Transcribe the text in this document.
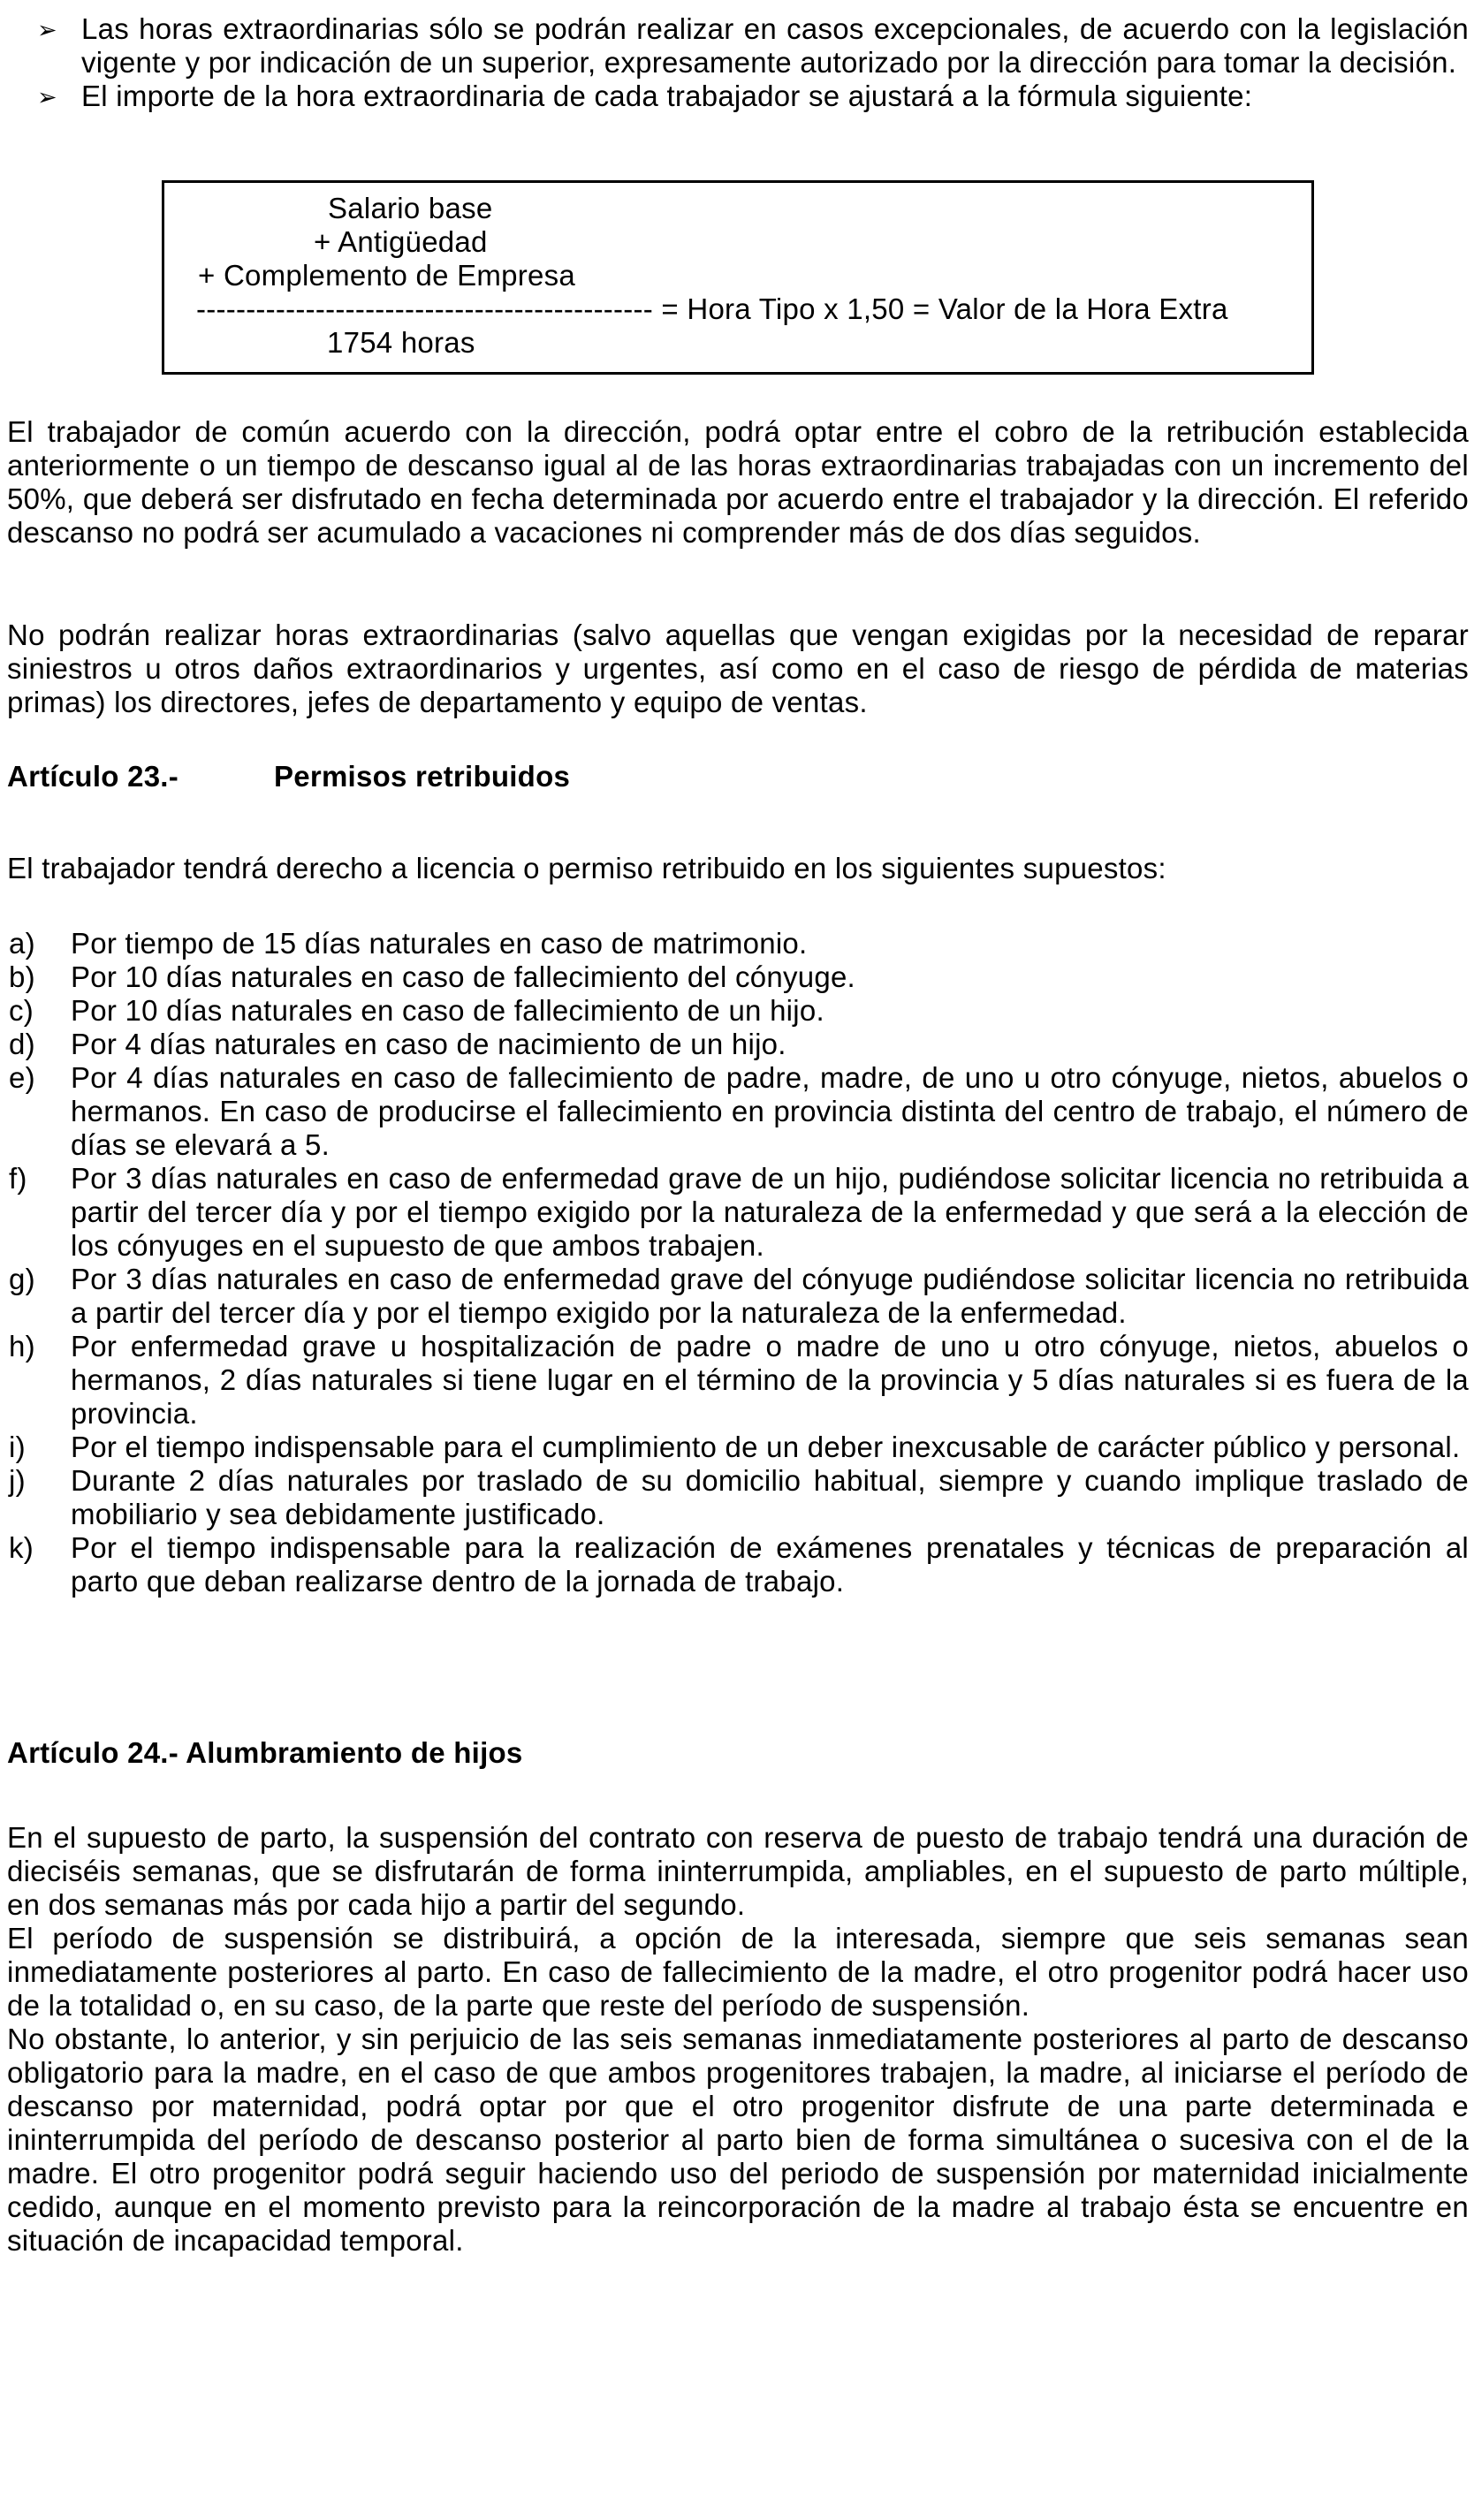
➢ Las horas extraordinarias sólo se podrán realizar en casos excepcionales, de acuerdo con la legislación vigente y por indicación de un superior, expresamente autorizado por la dirección para tomar la decisión.
➢ El importe de la hora extraordinaria de cada trabajador se ajustará a la fórmula siguiente:
Salario base
+ Antigüedad
+ Complemento de Empresa
---------------------------------------------- = Hora Tipo x 1,50 = Valor de la Hora Extra
1754 horas

El trabajador de común acuerdo con la dirección, podrá optar entre el cobro de la retribución establecida anteriormente o un tiempo de descanso igual al de las horas extraordinarias trabajadas con un incremento del 50%, que deberá ser disfrutado en fecha determinada por acuerdo entre el trabajador y la dirección. El referido descanso no podrá ser acumulado a vacaciones ni comprender más de dos días seguidos.

No podrán realizar horas extraordinarias (salvo aquellas que vengan exigidas por la necesidad de reparar siniestros u otros daños extraordinarios y urgentes, así como en el caso de riesgo de pérdida de materias primas) los directores, jefes de departamento y equipo de ventas.

Artículo 23.-	Permisos retribuidos

El trabajador tendrá derecho a licencia o permiso retribuido en los siguientes supuestos:

a) Por tiempo de 15 días naturales en caso de matrimonio.
b) Por 10 días naturales en caso de fallecimiento del cónyuge.
c) Por 10 días naturales en caso de fallecimiento de un hijo.
d) Por 4 días naturales en caso de nacimiento de un hijo.
e) Por 4 días naturales en caso de fallecimiento de padre, madre, de uno u otro cónyuge, nietos, abuelos o hermanos. En caso de producirse el fallecimiento en provincia distinta del centro de trabajo, el número de días se elevará a 5.
f) Por 3 días naturales en caso de enfermedad grave de un hijo, pudiéndose solicitar licencia no retribuida a partir del tercer día y por el tiempo exigido por la naturaleza de la enfermedad y que será a la elección de los cónyuges en el supuesto de que ambos trabajen.
g) Por 3 días naturales en caso de enfermedad grave del cónyuge pudiéndose solicitar licencia no retribuida a partir del tercer día y por el tiempo exigido por la naturaleza de la enfermedad.
h) Por enfermedad grave u hospitalización de padre o madre de uno u otro cónyuge, nietos, abuelos o hermanos, 2 días naturales si tiene lugar en el término de la provincia y 5 días naturales si es fuera de la provincia.
i) Por el tiempo indispensable para el cumplimiento de un deber inexcusable de carácter público y personal.
j) Durante 2 días naturales por traslado de su domicilio habitual, siempre y cuando implique traslado de mobiliario y sea debidamente justificado.
k) Por el tiempo indispensable para la realización de exámenes prenatales y técnicas de preparación al parto que deban realizarse dentro de la jornada de trabajo.
Artículo 24.- Alumbramiento de hijos

En el supuesto de parto, la suspensión del contrato con reserva de puesto de trabajo tendrá una duración de dieciséis semanas, que se disfrutarán de forma ininterrumpida, ampliables, en el supuesto de parto múltiple, en dos semanas más por cada hijo a partir del segundo.

El período de suspensión se distribuirá, a opción de la interesada, siempre que seis semanas sean inmediatamente posteriores al parto. En caso de fallecimiento de la madre, el otro progenitor podrá hacer uso de la totalidad o, en su caso, de la parte que reste del período de suspensión.

No obstante, lo anterior, y sin perjuicio de las seis semanas inmediatamente posteriores al parto de descanso obligatorio para la madre, en el caso de que ambos progenitores trabajen, la madre, al iniciarse el período de descanso por maternidad, podrá optar por que el otro progenitor disfrute de una parte determinada e ininterrumpida del período de descanso posterior al parto bien de forma simultánea o sucesiva con el de la madre. El otro progenitor podrá seguir haciendo uso del periodo de suspensión por maternidad inicialmente cedido, aunque en el momento previsto para la reincorporación de la madre al trabajo ésta se encuentre en situación de incapacidad temporal.
